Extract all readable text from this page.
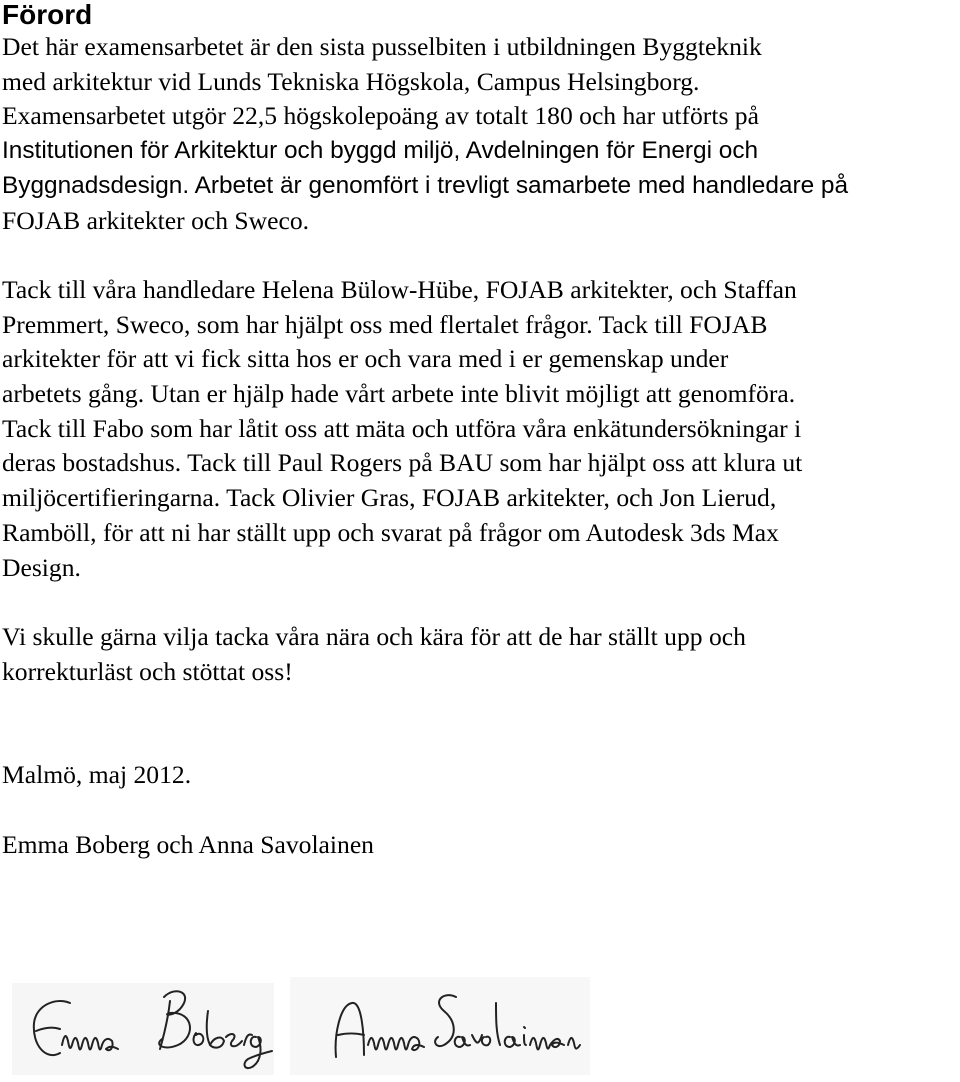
Förord

Det här examensarbetet är den sista pusselbiten i utbildningen Byggteknik
med arkitektur vid Lunds Tekniska Högskola, Campus Helsingborg.
Examensarbetet utgör 22,5 högskolepoäng av totalt 180 och har utförts på
Institutionen för Arkitektur och byggd miljö, Avdelningen för Energi och
Byggnadsdesign. Arbetet är genomfört i trevligt samarbete med handledare på
FOJAB arkitekter och Sweco.

Tack till våra handledare Helena Bülow-Hübe, FOJAB arkitekter, och Staffan
Premmert, Sweco, som har hjälpt oss med flertalet frågor. Tack till FOJAB
arkitekter för att vi fick sitta hos er och vara med i er gemenskap under
arbetets gång. Utan er hjälp hade vårt arbete inte blivit möjligt att genomföra.
Tack till Fabo som har låtit oss att mäta och utföra våra enkätundersökningar i
deras bostadshus. Tack till Paul Rogers på BAU som har hjälpt oss att klura ut
miljöcertifieringarna. Tack Olivier Gras, FOJAB arkitekter, och Jon Lierud,
Ramböll, för att ni har ställt upp och svarat på frågor om Autodesk 3ds Max
Design.

Vi skulle gärna vilja tacka våra nära och kära för att de har ställt upp och
korrekturläst och stöttat oss!

Malmö, maj 2012.

Emma Boberg och Anna Savolainen
